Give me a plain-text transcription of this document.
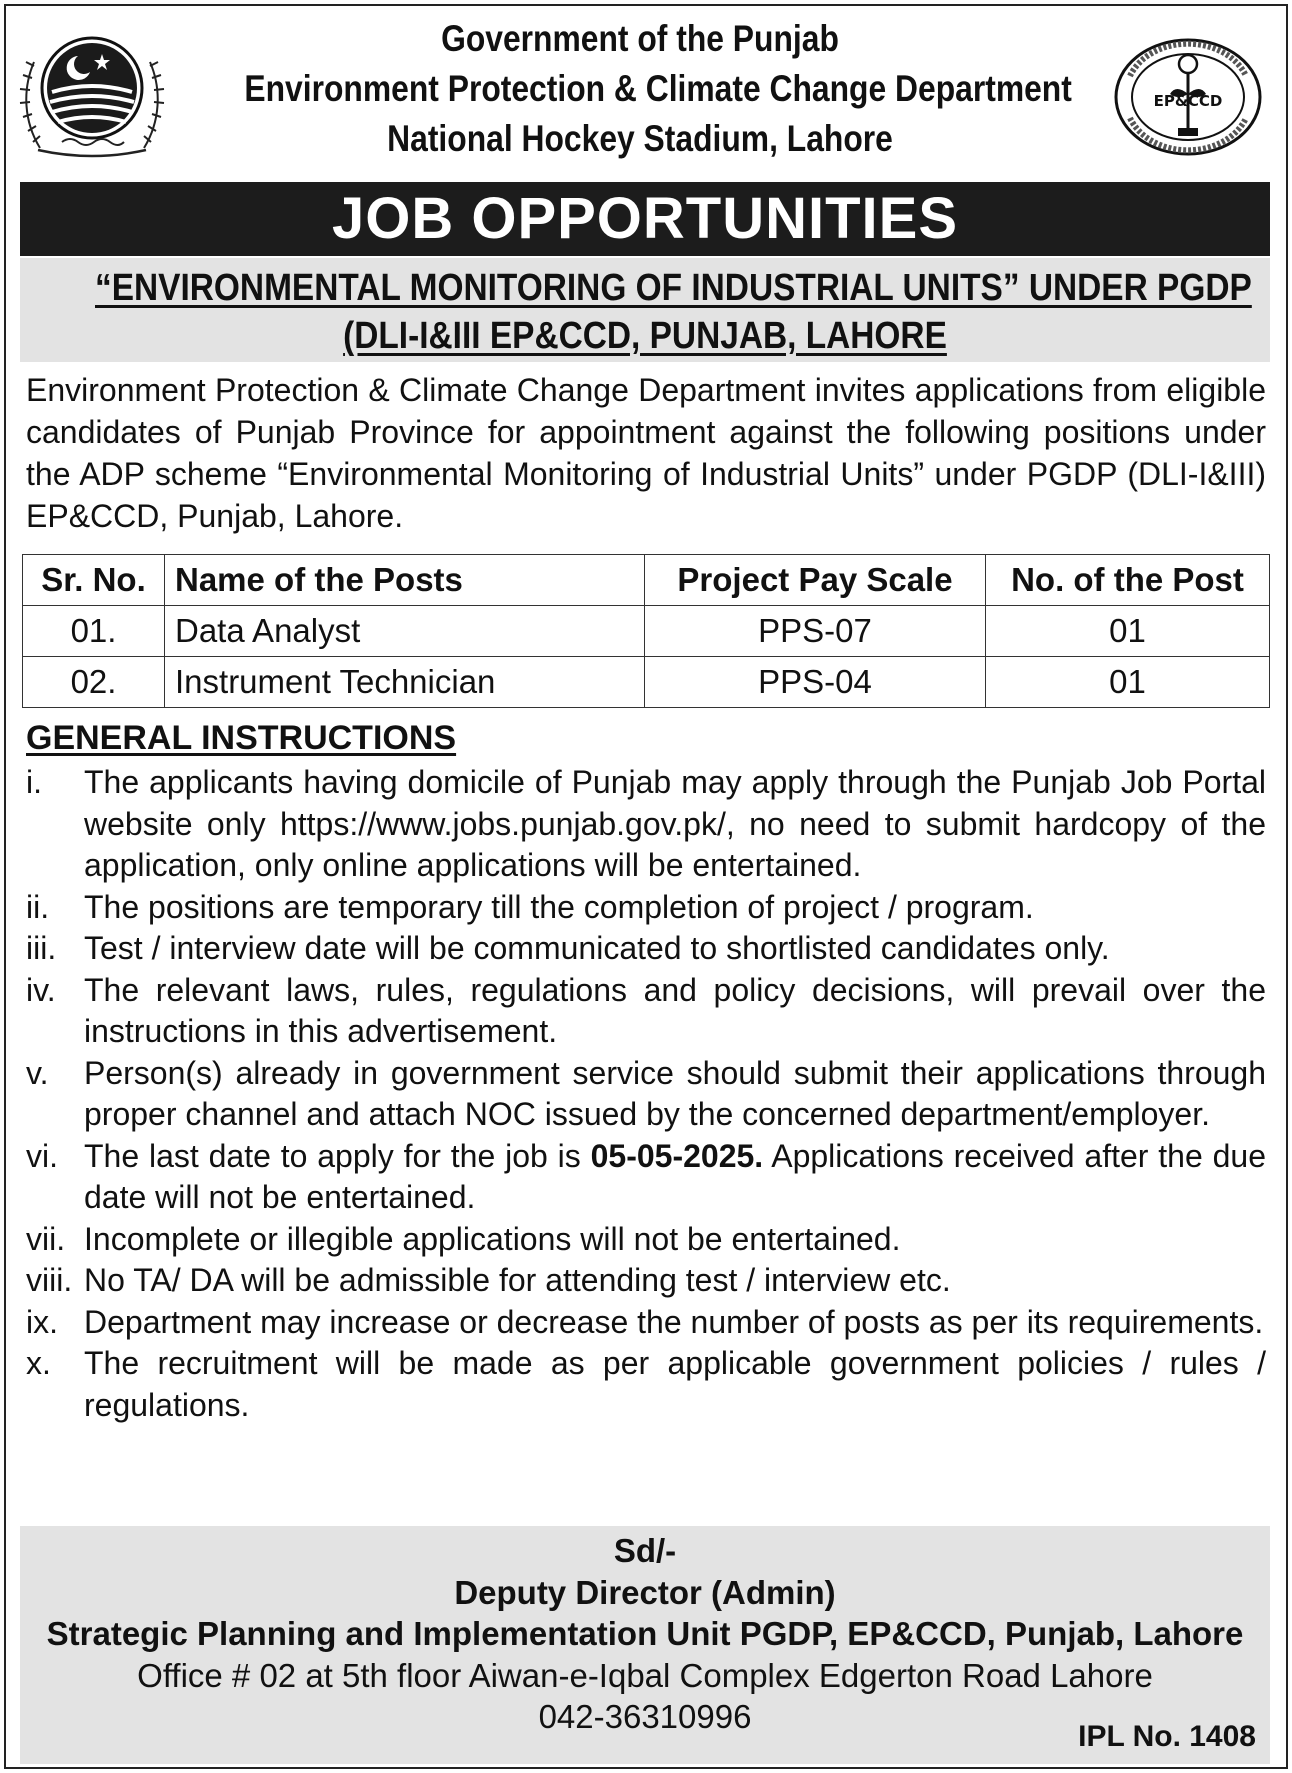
Government of the Punjab
Environment Protection & Climate Change Department
National Hockey Stadium, Lahore
EP&CCD
JOB OPPORTUNITIES
“ENVIRONMENTAL MONITORING OF INDUSTRIAL UNITS” UNDER PGDP
(DLI-I&III EP&CCD, PUNJAB, LAHORE
Environment Protection & Climate Change Department invites applications from eligible candidates of Punjab Province for appointment against the following positions under the ADP scheme “Environmental Monitoring of Industrial Units” under PGDP (DLI-I&III) EP&CCD, Punjab, Lahore.
Sr. No.	Name of the Posts	Project Pay Scale	No. of the Post
01.	Data Analyst	PPS-07	01
02.	Instrument Technician	PPS-04	01
GENERAL INSTRUCTIONS
i.	The applicants having domicile of Punjab may apply through the Punjab Job Portal website only https://www.jobs.punjab.gov.pk/, no need to submit hardcopy of the application, only online applications will be entertained.
ii.	The positions are temporary till the completion of project / program.
iii. Test / interview date will be communicated to shortlisted candidates only.
iv. The relevant laws, rules, regulations and policy decisions, will prevail over the instructions in this advertisement.
v.	Person(s) already in government service should submit their applications through proper channel and attach NOC issued by the concerned department/employer.
vi. The last date to apply for the job is 05-05-2025. Applications received after the due date will not be entertained.
vii. Incomplete or illegible applications will not be entertained.
viii. No TA/ DA will be admissible for attending test / interview etc.
ix. Department may increase or decrease the number of posts as per its requirements.
x.	The recruitment will be made as per applicable government policies / rules / regulations.
Sd/-
Deputy Director (Admin)
Strategic Planning and Implementation Unit PGDP, EP&CCD, Punjab, Lahore
Office # 02 at 5th floor Aiwan-e-Iqbal Complex Edgerton Road Lahore
042-36310996
IPL No. 1408
